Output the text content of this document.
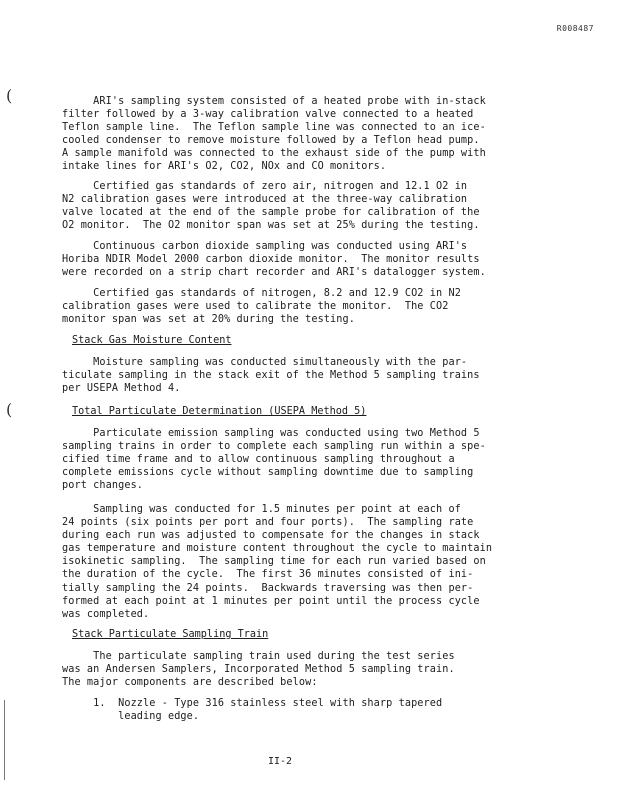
R008487
(
(
ARI's sampling system consisted of a heated probe with in-stack
filter followed by a 3-way calibration valve connected to a heated
Teflon sample line.  The Teflon sample line was connected to an ice-
cooled condenser to remove moisture followed by a Teflon head pump.
A sample manifold was connected to the exhaust side of the pump with
intake lines for ARI's O2, CO2, NOx and CO monitors.
Certified gas standards of zero air, nitrogen and 12.1 O2 in
N2 calibration gases were introduced at the three-way calibration
valve located at the end of the sample probe for calibration of the
O2 monitor.  The O2 monitor span was set at 25% during the testing.
Continuous carbon dioxide sampling was conducted using ARI's
Horiba NDIR Model 2000 carbon dioxide monitor.  The monitor results
were recorded on a strip chart recorder and ARI's datalogger system.
Certified gas standards of nitrogen, 8.2 and 12.9 CO2 in N2
calibration gases were used to calibrate the monitor.  The CO2
monitor span was set at 20% during the testing.
Stack Gas Moisture Content
Moisture sampling was conducted simultaneously with the par-
ticulate sampling in the stack exit of the Method 5 sampling trains
per USEPA Method 4.
Total Particulate Determination (USEPA Method 5)
Particulate emission sampling was conducted using two Method 5
sampling trains in order to complete each sampling run within a spe-
cified time frame and to allow continuous sampling throughout a
complete emissions cycle without sampling downtime due to sampling
port changes.
Sampling was conducted for 1.5 minutes per point at each of
24 points (six points per port and four ports).  The sampling rate
during each run was adjusted to compensate for the changes in stack
gas temperature and moisture content throughout the cycle to maintain
isokinetic sampling.  The sampling time for each run varied based on
the duration of the cycle.  The first 36 minutes consisted of ini-
tially sampling the 24 points.  Backwards traversing was then per-
formed at each point at 1 minutes per point until the process cycle
was completed.
Stack Particulate Sampling Train
The particulate sampling train used during the test series
was an Andersen Samplers, Incorporated Method 5 sampling train.
The major components are described below:
1.  Nozzle - Type 316 stainless steel with sharp tapered
leading edge.
II-2
